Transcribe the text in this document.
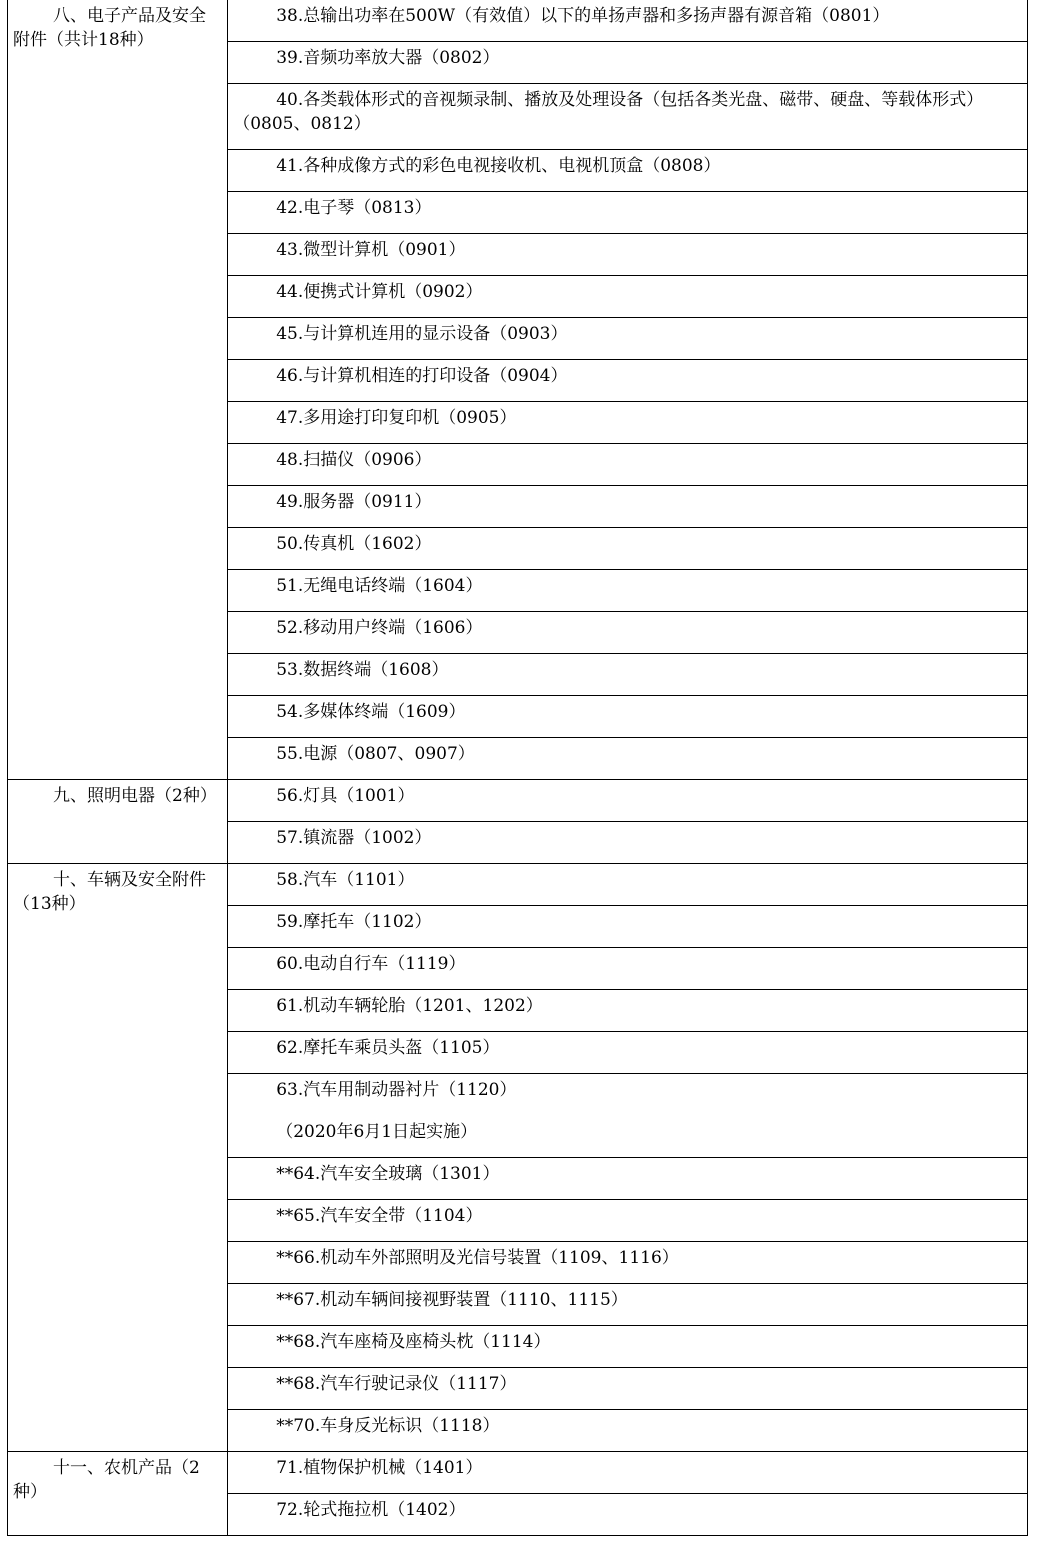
八、电子产品及安全附件（共计18种）	38.总输出功率在500W（有效值）以下的单扬声器和多扬声器有源音箱（0801）
	39.音频功率放大器（0802）
	40.各类载体形式的音视频录制、播放及处理设备（包括各类光盘、磁带、硬盘、等载体形式）（0805、0812）
	41.各种成像方式的彩色电视接收机、电视机顶盒（0808）
	42.电子琴（0813）
	43.微型计算机（0901）
	44.便携式计算机（0902）
	45.与计算机连用的显示设备（0903）
	46.与计算机相连的打印设备（0904）
	47.多用途打印复印机（0905）
	48.扫描仪（0906）
	49.服务器（0911）
	50.传真机（1602）
	51.无绳电话终端（1604）
	52.移动用户终端（1606）
	53.数据终端（1608）
	54.多媒体终端（1609）
	55.电源（0807、0907）
九、照明电器（2种）	56.灯具（1001）
	57.镇流器（1002）
十、车辆及安全附件（13种）	58.汽车（1101）
	59.摩托车（1102）
	60.电动自行车（1119）
	61.机动车辆轮胎（1201、1202）
	62.摩托车乘员头盔（1105）
	63.汽车用制动器衬片（1120）
（2020年6月1日起实施）

	**64.汽车安全玻璃（1301）
	**65.汽车安全带（1104）
	**66.机动车外部照明及光信号装置（1109、1116）
	**67.机动车辆间接视野装置（1110、1115）
	**68.汽车座椅及座椅头枕（1114）
	**68.汽车行驶记录仪（1117）
	**70.车身反光标识（1118）
十一、农机产品（2种）	71.植物保护机械（1401）
	72.轮式拖拉机（1402）
